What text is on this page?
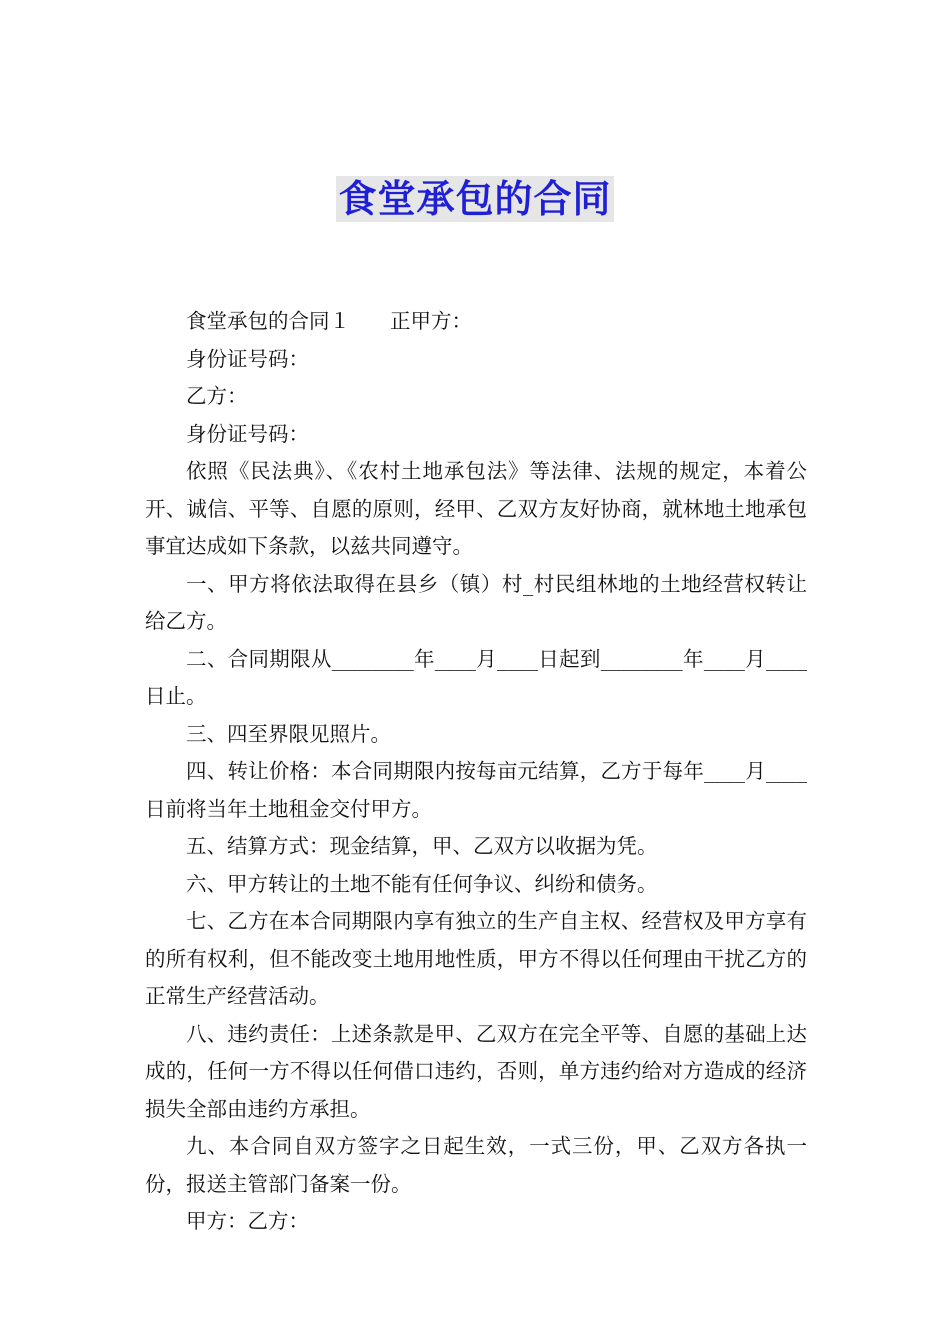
食堂承包的合同

食堂承包的合同１ 正甲方：

身份证号码：

乙方：

身份证号码：

依照《民法典》、《农村土地承包法》等法律、法规的规定，本着公开、诚信、平等、自愿的原则，经甲、乙双方友好协商，就林地土地承包事宜达成如下条款，以兹共同遵守。

一、甲方将依法取得在县乡（镇）村_村民组林地的土地经营权转让给乙方。

二、合同期限从________年____月____日起到________年____月____日止。

三、四至界限见照片。

四、转让价格：本合同期限内按每亩元结算，乙方于每年____月____日前将当年土地租金交付甲方。

五、结算方式：现金结算，甲、乙双方以收据为凭。

六、甲方转让的土地不能有任何争议、纠纷和债务。

七、乙方在本合同期限内享有独立的生产自主权、经营权及甲方享有的所有权利，但不能改变土地用地性质，甲方不得以任何理由干扰乙方的正常生产经营活动。

八、违约责任：上述条款是甲、乙双方在完全平等、自愿的基础上达成的，任何一方不得以任何借口违约，否则，单方违约给对方造成的经济损失全部由违约方承担。

九、本合同自双方签字之日起生效，一式三份，甲、乙双方各执一份，报送主管部门备案一份。

甲方：乙方：
